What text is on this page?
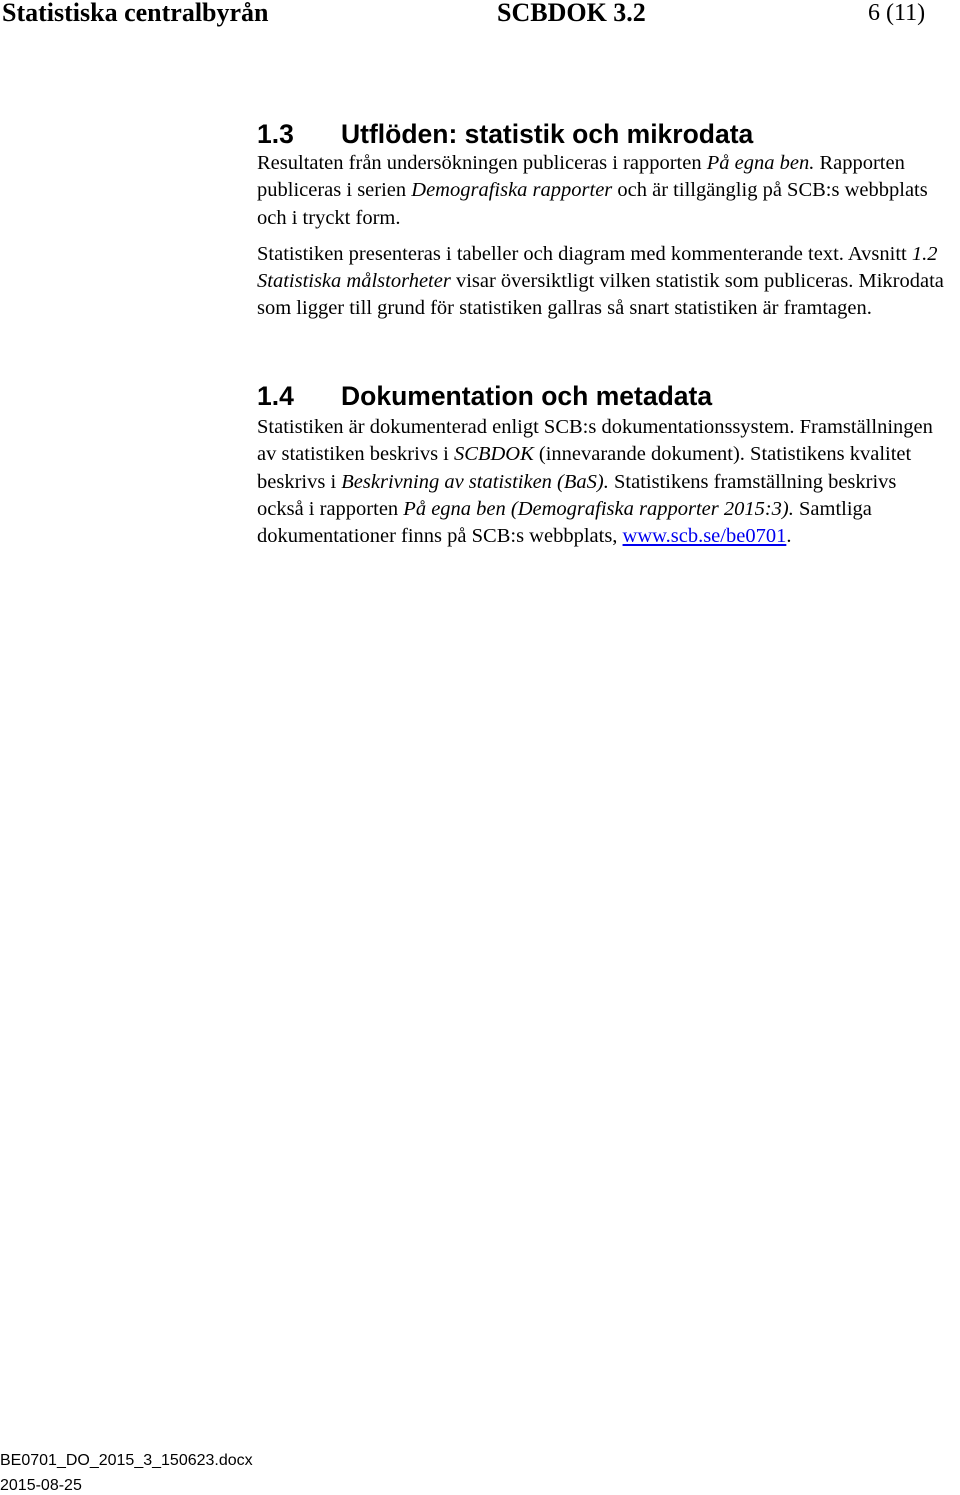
Statistiska centralbyrån	SCBDOK 3.2	6 (11)
1.3 Utflöden: statistik och mikrodata

Resultaten från undersökningen publiceras i rapporten På egna ben. Rapporten publiceras i serien Demografiska rapporter och är tillgänglig på SCB:s webbplats och i tryckt form.

Statistiken presenteras i tabeller och diagram med kommenterande text. Avsnitt 1.2 Statistiska målstorheter visar översiktligt vilken statistik som publiceras. Mikrodata som ligger till grund för statistiken gallras så snart statistiken är framtagen.

1.4 Dokumentation och metadata

Statistiken är dokumenterad enligt SCB:s dokumentationssystem. Framställningen av statistiken beskrivs i SCBDOK (innevarande dokument). Statistikens kvalitet beskrivs i Beskrivning av statistiken (BaS). Statistikens framställning beskrivs också i rapporten På egna ben (Demografiska rapporter 2015:3). Samtliga dokumentationer finns på SCB:s webbplats, www.scb.se/be0701.

BE0701_DO_2015_3_150623.docx
2015-08-25
